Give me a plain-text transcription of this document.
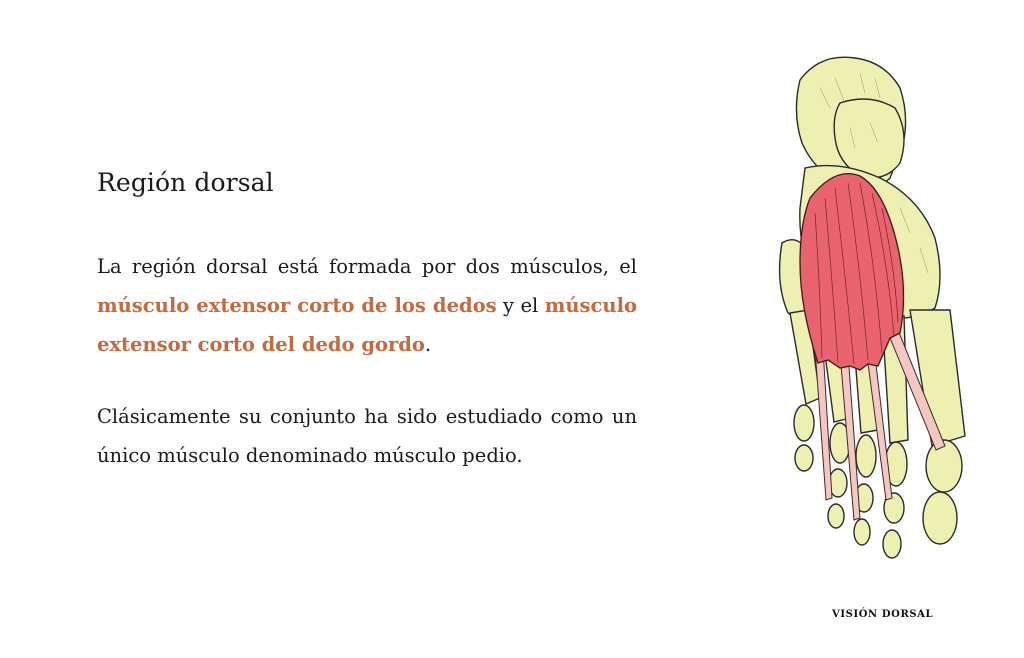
Región dorsal

La región dorsal está formada por dos músculos, el músculo extensor corto de los dedos y el músculo extensor corto del dedo gordo.

Clásicamente su conjunto ha sido estudiado como un único músculo denominado músculo pedio.

VISIÓN DORSAL
